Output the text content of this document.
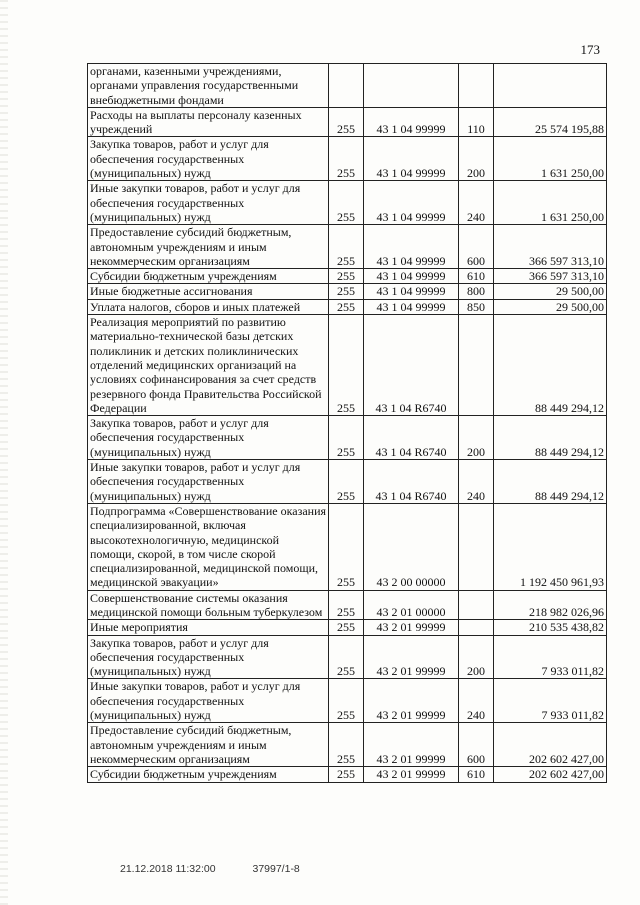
173
органами, казенными учреждениями, органами управления государственными внебюджетными фондами				
Расходы на выплаты персоналу казенных учреждений	255	43 1 04 99999	110	25 574 195,88
Закупка товаров, работ и услуг для обеспечения государственных (муниципальных) нужд	255	43 1 04 99999	200	1 631 250,00
Иные закупки товаров, работ и услуг для обеспечения государственных (муниципальных) нужд	255	43 1 04 99999	240	1 631 250,00
Предоставление субсидий бюджетным, автономным учреждениям и иным некоммерческим организациям	255	43 1 04 99999	600	366 597 313,10
Субсидии бюджетным учреждениям	255	43 1 04 99999	610	366 597 313,10
Иные бюджетные ассигнования	255	43 1 04 99999	800	29 500,00
Уплата налогов, сборов и иных платежей	255	43 1 04 99999	850	29 500,00
Реализация мероприятий по развитию материально-технической базы детских поликлиник и детских поликлинических отделений медицинских организаций на условиях софинансирования за счет средств резервного фонда Правительства Российской Федерации	255	43 1 04 R6740		88 449 294,12
Закупка товаров, работ и услуг для обеспечения государственных (муниципальных) нужд	255	43 1 04 R6740	200	88 449 294,12
Иные закупки товаров, работ и услуг для обеспечения государственных (муниципальных) нужд	255	43 1 04 R6740	240	88 449 294,12
Подпрограмма «Совершенствование оказания специализированной, включая высокотехнологичную, медицинской помощи, скорой, в том числе скорой специализированной, медицинской помощи, медицинской эвакуации»	255	43 2 00 00000		1 192 450 961,93
Совершенствование системы оказания медицинской помощи больным туберкулезом	255	43 2 01 00000		218 982 026,96
Иные мероприятия	255	43 2 01 99999		210 535 438,82
Закупка товаров, работ и услуг для обеспечения государственных (муниципальных) нужд	255	43 2 01 99999	200	7 933 011,82
Иные закупки товаров, работ и услуг для обеспечения государственных (муниципальных) нужд	255	43 2 01 99999	240	7 933 011,82
Предоставление субсидий бюджетным, автономным учреждениям и иным некоммерческим организациям	255	43 2 01 99999	600	202 602 427,00
Субсидии бюджетным учреждениям	255	43 2 01 99999	610	202 602 427,00
21.12.2018 11:32:00	37997/1-8
